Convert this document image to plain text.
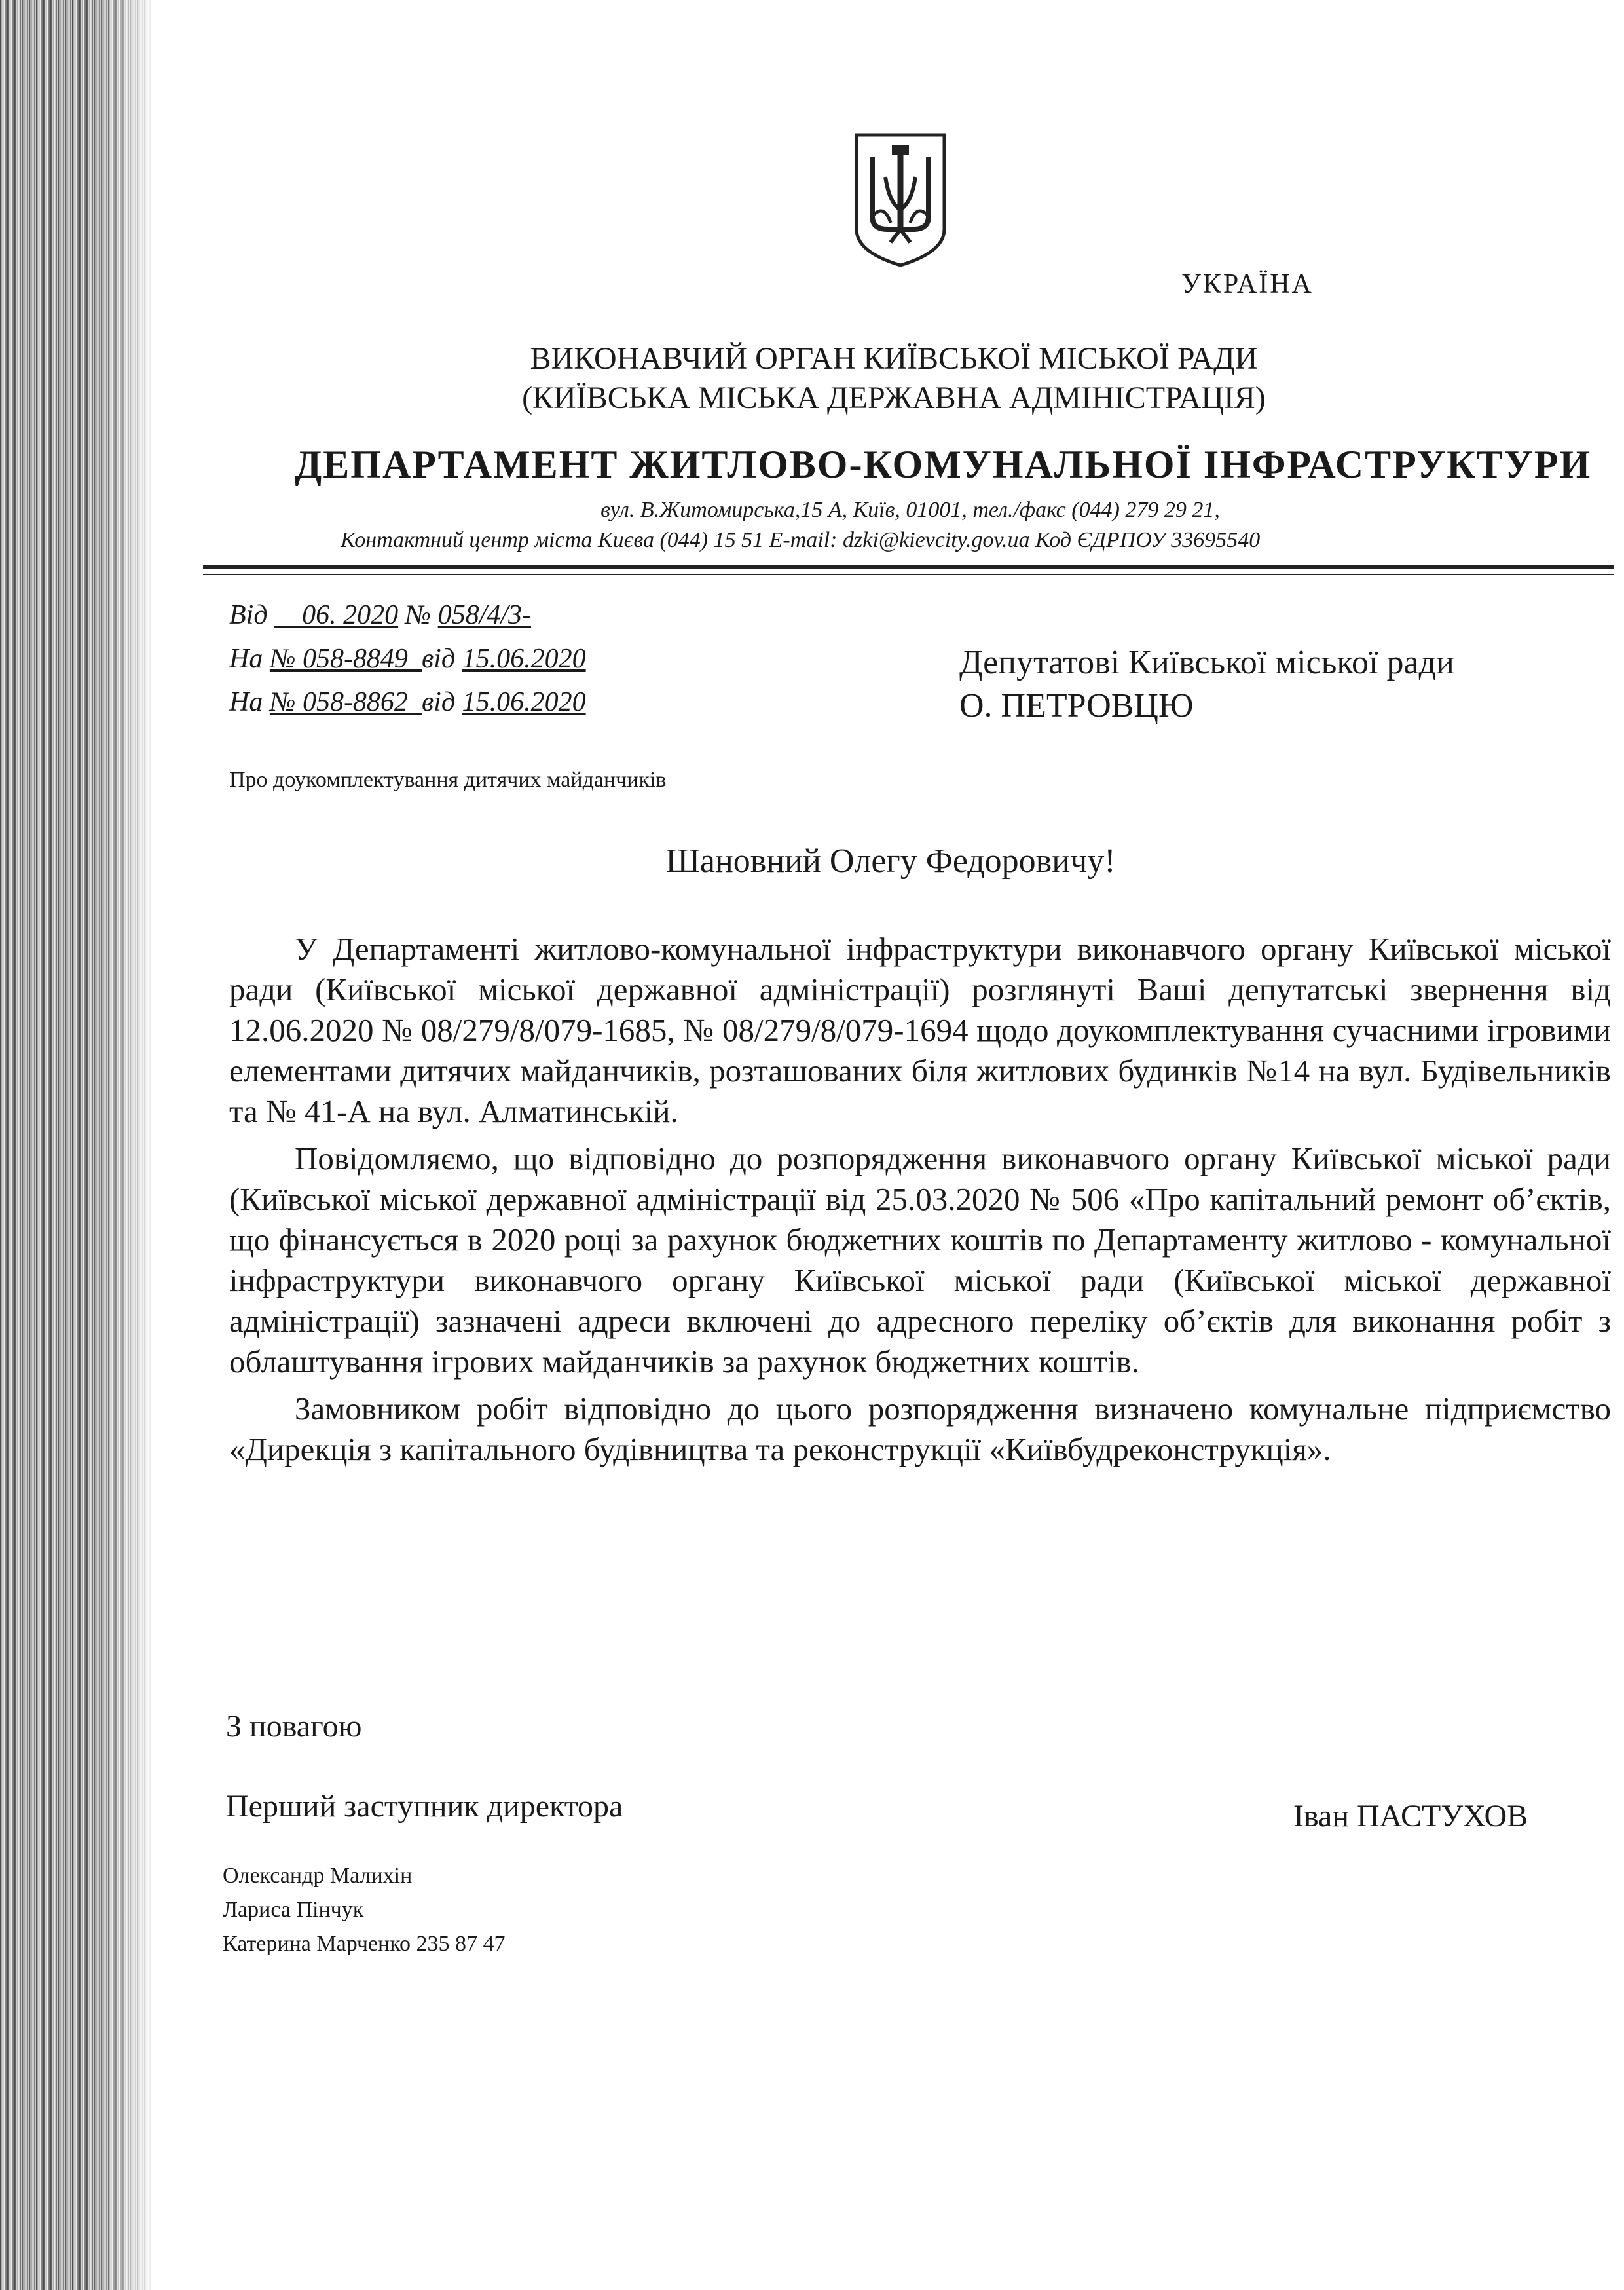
УКРАЇНА
ВИКОНАВЧИЙ ОРГАН КИЇВСЬКОЇ МІСЬКОЇ РАДИ
(КИЇВСЬКА МІСЬКА ДЕРЖАВНА АДМІНІСТРАЦІЯ)
ДЕПАРТАМЕНТ ЖИТЛОВО-КОМУНАЛЬНОЇ ІНФРАСТРУКТУРИ
вул. В.Житомирська,15 А, Київ, 01001, тел./факс (044) 279 29 21,
Контактний центр міста Києва (044) 15 51 E-mail: dzki@kievcity.gov.ua Код ЄДРПОУ 33695540
Від __06. 2020 № 058/4/3-
На № 058-8849_від 15.06.2020
На № 058-8862_від 15.06.2020
Депутатові Київської міської ради
О. ПЕТРОВЦЮ
Про доукомплектування дитячих майданчиків
Шановний Олегу Федоровичу!

У Департаменті житлово-комунальної інфраструктури виконавчого органу Київської міської ради (Київської міської державної адміністрації) розглянуті Ваші депутатські звернення від 12.06.2020 № 08/279/8/079-1685, № 08/279/8/079-1694 щодо доукомплектування сучасними ігровими елементами дитячих майданчиків, розташованих біля житлових будинків №14 на вул. Будівельників та № 41-А на вул. Алматинській.

Повідомляємо, що відповідно до розпорядження виконавчого органу Київської міської ради (Київської міської державної адміністрації від 25.03.2020 № 506 «Про капітальний ремонт об’єктів, що фінансується в 2020 році за рахунок бюджетних коштів по Департаменту житлово - комунальної інфраструктури виконавчого органу Київської міської ради (Київської міської державної адміністрації) зазначені адреси включені до адресного переліку об’єктів для виконання робіт з облаштування ігрових майданчиків за рахунок бюджетних коштів.

Замовником робіт відповідно до цього розпорядження визначено комунальне підприємство «Дирекція з капітального будівництва та реконструкції «Київбудреконструкція».

З повагою
Перший заступник директора	Іван ПАСТУХОВ
Олександр Малихін
Лариса Пінчук
Катерина Марченко 235 87 47
